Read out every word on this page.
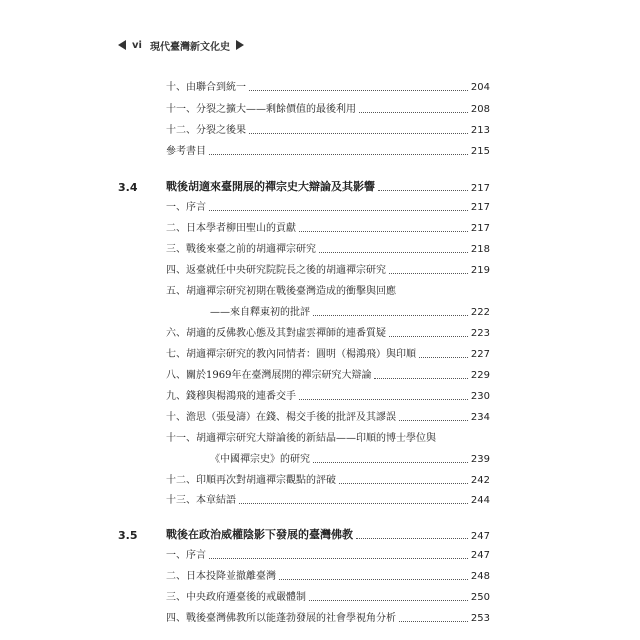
vi 現代臺灣新文化史
十、由聯合到統一	204
十一、分裂之擴大——剩餘價值的最後利用	208
十二、分裂之後果	213
參考書目	215
3.4	戰後胡適來臺開展的禪宗史大辯論及其影響	217
一、序言	217
二、日本學者柳田聖山的貢獻	217
三、戰後來臺之前的胡適禪宗研究	218
四、返臺就任中央研究院院長之後的胡適禪宗研究	219
五、胡適禪宗研究初期在戰後臺灣造成的衝擊與回應
——來自釋東初的批評	222
六、胡適的反佛教心態及其對虛雲禪師的連番質疑	223
七、胡適禪宗研究的教內同情者：圓明（楊鴻飛）與印順	227
八、關於1969年在臺灣展開的禪宗研究大辯論	229
九、錢穆與楊鴻飛的連番交手	230
十、澹思（張曼濤）在錢、楊交手後的批評及其謬誤	234
十一、胡適禪宗研究大辯論後的新結晶——印順的博士學位與
《中國禪宗史》的研究	239
十二、印順再次對胡適禪宗觀點的評破	242
十三、本章結語	244
3.5	戰後在政治威權陰影下發展的臺灣佛教	247
一、序言	247
二、日本投降並撤離臺灣	248
三、中央政府遷臺後的戒嚴體制	250
四、戰後臺灣佛教所以能蓬勃發展的社會學視角分析	253
